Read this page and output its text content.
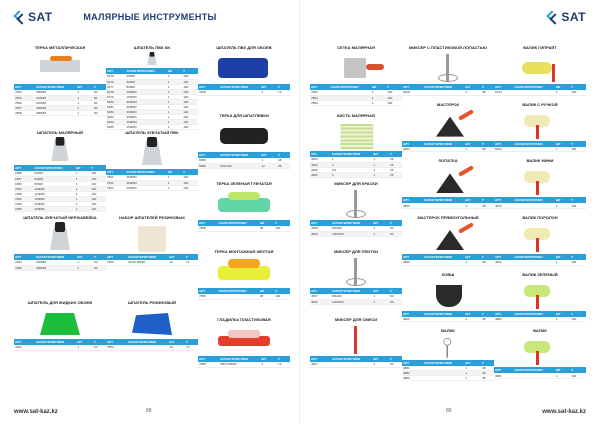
SAT	МАЛЯРНЫЕ ИНСТРУМЕНТЫ
ТЕРКА МЕТАЛЛИЧЕСКАЯ
АРТ.	ХАРАКТЕРИСТИКИ	ШТ	У
7804	280MM	1	80
7805	310MM	1	80
7806	345MM	1	80
7807	400MM	1	80
7808	480MM	1	80
ШПАТЕЛЬ МАЛЯРНЫЙ
АРТ.	ХАРАКТЕРИСТИКИ	ШТ	У
1888	50MM	1	100
1887	60MM	1	100
1889	80MM	1	100
7484	100MM	1	100
7485	120MM	1	100
7486	150MM	1	100
7488	200MM	1	100
7489	250MM	1	100
ШПАТЕЛЬ ЗУБЧАТЫЙ НЕРЖАВЕЙКА
АРТ.	ХАРАКТЕРИСТИКИ	ШТ	У
7484	200MM	1	50
7485	250MM	1	50
ШПАТЕЛЬ ДЛЯ ЖИДКИХ ОБОЕВ
АРТ.	ХАРАКТЕРИСТИКИ	ШТ	У
7602		1	50
ШПАТЕЛЬ ПВХ SK
АРТ.	ХАРАКТЕРИСТИКИ	ШТ	У
6275	40MM	1	100
6276	60MM	1	100
6277	80MM	1	100
6278	100MM	1	100
6279	150MM	1	100
6280	200MM	1	100
6281	250MM	1	100
6282	300MM	1	100
6283	350MM	1	100
6284	400MM	1	100
6285	450MM	1	100
ШПАТЕЛЬ ЗУБЧАТЫЙ ПВХ
АРТ.	ХАРАКТЕРИСТИКИ	ШТ	У
7841	150MM	1	100
7842	200MM	1	100
7843	250MM	1	100
НАБОР ШПАТЕЛЕЙ РЕЗИНОВЫХ
АРТ.	ХАРАКТЕРИСТИКИ	ШТ	У
7826	40-60-80MM	12	72
ШПАТЕЛЬ РЕЗИНОВЫЙ
АРТ.	ХАРАКТЕРИСТИКИ	ШТ	У
7852		12	72
ШПАТЕЛЬ ПВХ ДЛЯ ОБОЕВ
АРТ.	ХАРАКТЕРИСТИКИ	ШТ	У
7848		1	72
ТЕРКА ДЛЯ ШПАТЛЕВКИ
АРТ.	ХАРАКТЕРИСТИКИ	ШТ	У
6688		1	48
6689	270x100	12	36
ТЕРКА ЗЕЛЕНАЯ ГУБЧАТАЯ
АРТ.	ХАРАКТЕРИСТИКИ	ШТ	У
7858		48	100
ТЕРКА МОНТАЖНАЯ ЖЕЛТАЯ
АРТ.	ХАРАКТЕРИСТИКИ	ШТ	У
7858		48	100
ГЛАДИЛКА ПЛАСТИКОВАЯ
АРТ.	ХАРАКТЕРИСТИКИ	ШТ	У
7888	280x130MM	1	72
www.sat-kaz.kz	88
SAT
www.sat-kaz.kz
89
СЕТКА МАЛЯРНАЯ
АРТ.	ХАРАКТЕРИСТИКИ	ШТ	У
7882		1	100
7883		1	100
7884		1	100
КИСТЬ МАЛЯРНАЯ
АРТ.	ХАРАКТЕРИСТИКИ	ШТ	У
4963	1	1	36
4964	2	1	36
4965	2.5	1	36
4966	3	1	36
МИКСЕР ДЛЯ КРАСКИ
АРТ.	ХАРАКТЕРИСТИКИ	ШТ	У
4508	80x400	1	50
4509	100x500	1	50
МИКСЕР ДЛЯ ПЛИТКИ
АРТ.	ХАРАКТЕРИСТИКИ	ШТ	У
4507	80x400	1	50
4506	100x500	1	50
МИКСЕР ДЛЯ СМЕСИ
АРТ.	ХАРАКТЕРИСТИКИ	ШТ	У
4507		1	50
МИКСЕР С ПЛАСТИКОВОЙ ЛОПАСТЬЮ
АРТ.	ХАРАКТЕРИСТИКИ	ШТ	У
4008		1	48
МАСТЕРОК
АРТ.	ХАРАКТЕРИСТИКИ	ШТ	У
4004		1	48
ЛОПАТКА
АРТ.	ХАРАКТЕРИСТИКИ	ШТ	У
4806		1	48
МАСТЕРОК ПРЯМОУГОЛЬНЫЙ
АРТ.	ХАРАКТЕРИСТИКИ	ШТ	У
4866		1	48
КОВШ
АРТ.	ХАРАКТЕРИСТИКИ	ШТ	У
4865		1	48
ВАЛИК
АРТ.	ХАРАКТЕРИСТИКИ	ШТ	У
4881		1	48
4882		1	48
4883		1	48
ВАЛИК ГИПРАЙТ
АРТ.	ХАРАКТЕРИСТИКИ	ШТ	У
6413		1	100
ВАЛИК С РУЧКОЙ
АРТ.	ХАРАКТЕРИСТИКИ	ШТ	У
6464		1	100
ВАЛИК МИНИ
АРТ.	ХАРАКТЕРИСТИКИ	ШТ	У
4876		1	100
ВАЛИК ПОРОЛОН
АРТ.	ХАРАКТЕРИСТИКИ	ШТ	У
4871		1	100
ВАЛИК ЗЕЛЕНЫЙ
АРТ.	ХАРАКТЕРИСТИКИ	ШТ	У
4882		1	100
ВАЛИК
АРТ.	ХАРАКТЕРИСТИКИ	ШТ	У
4881		1	100
